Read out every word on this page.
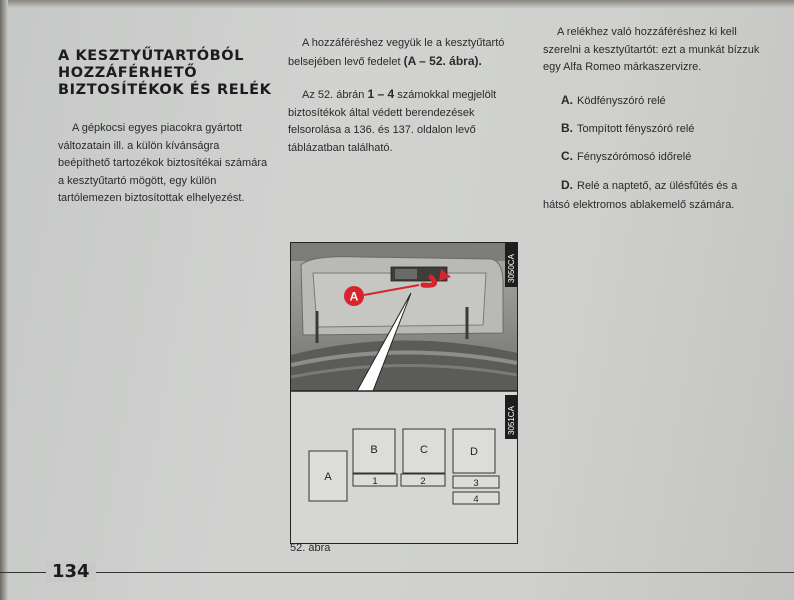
A KESZTYŰTARTÓBÓL
HOZZÁFÉRHETŐ
BIZTOSÍTÉKOK ÉS RELÉK
A gépkocsi egyes piacokra gyártott változatain ill. a külön kívánságra beépíthető tartozékok biztosítékai számára a kesztyűtartó mögött, egy külön tartólemezen biztosítottak elhelyezést.
A hozzáféréshez vegyük le a kesztyűtartó belsejében levő fedelet (A – 52. ábra).
Az 52. ábrán 1 – 4 számokkal megjelölt biztosítékok által védett berendezések felsorolása a 136. és 137. oldalon levő táblázatban található.
A relékhez való hozzáféréshez ki kell szerelni a kesztyűtartót: ezt a munkát bízzuk egy Alfa Romeo márkaszervizre.
A. Ködfényszóró relé
B. Tompított fényszóró relé
C. Fényszórómosó időrelé
D. Relé a naptető, az ülésfűtés és a hátsó elektromos ablakemelő számára.
A
3050CA
3051CA
A
B	C	D
1	2	3
4
52. ábra
134
